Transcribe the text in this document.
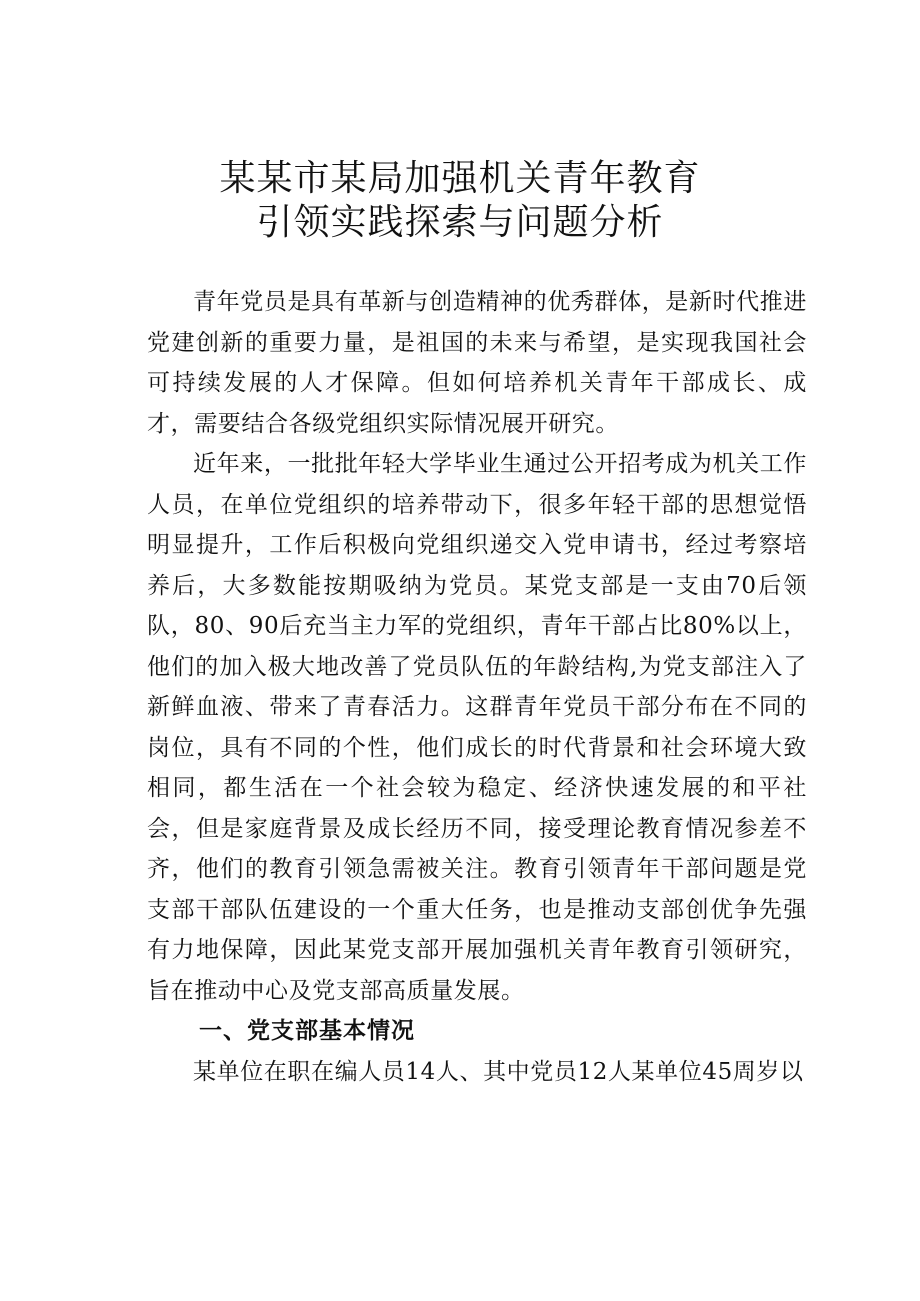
某某市某局加强机关青年教育
引领实践探索与问题分析

青年党员是具有革新与创造精神的优秀群体，是新时代推进党建创新的重要力量，是祖国的未来与希望，是实现我国社会可持续发展的人才保障。但如何培养机关青年干部成长、成才，需要结合各级党组织实际情况展开研究。

近年来，一批批年轻大学毕业生通过公开招考成为机关工作人员，在单位党组织的培养带动下，很多年轻干部的思想觉悟明显提升，工作后积极向党组织递交入党申请书，经过考察培养后，大多数能按期吸纳为党员。某党支部是一支由70后领队，80、90后充当主力军的党组织，青年干部占比80%以上，他们的加入极大地改善了党员队伍的年龄结构,为党支部注入了新鲜血液、带来了青春活力。这群青年党员干部分布在不同的岗位，具有不同的个性，他们成长的时代背景和社会环境大致相同，都生活在一个社会较为稳定、经济快速发展的和平社会，但是家庭背景及成长经历不同，接受理论教育情况参差不齐，他们的教育引领急需被关注。教育引领青年干部问题是党支部干部队伍建设的一个重大任务，也是推动支部创优争先强有力地保障，因此某党支部开展加强机关青年教育引领研究，旨在推动中心及党支部高质量发展。

一、党支部基本情况

某单位在职在编人员14人、其中党员12人某单位45周岁以
